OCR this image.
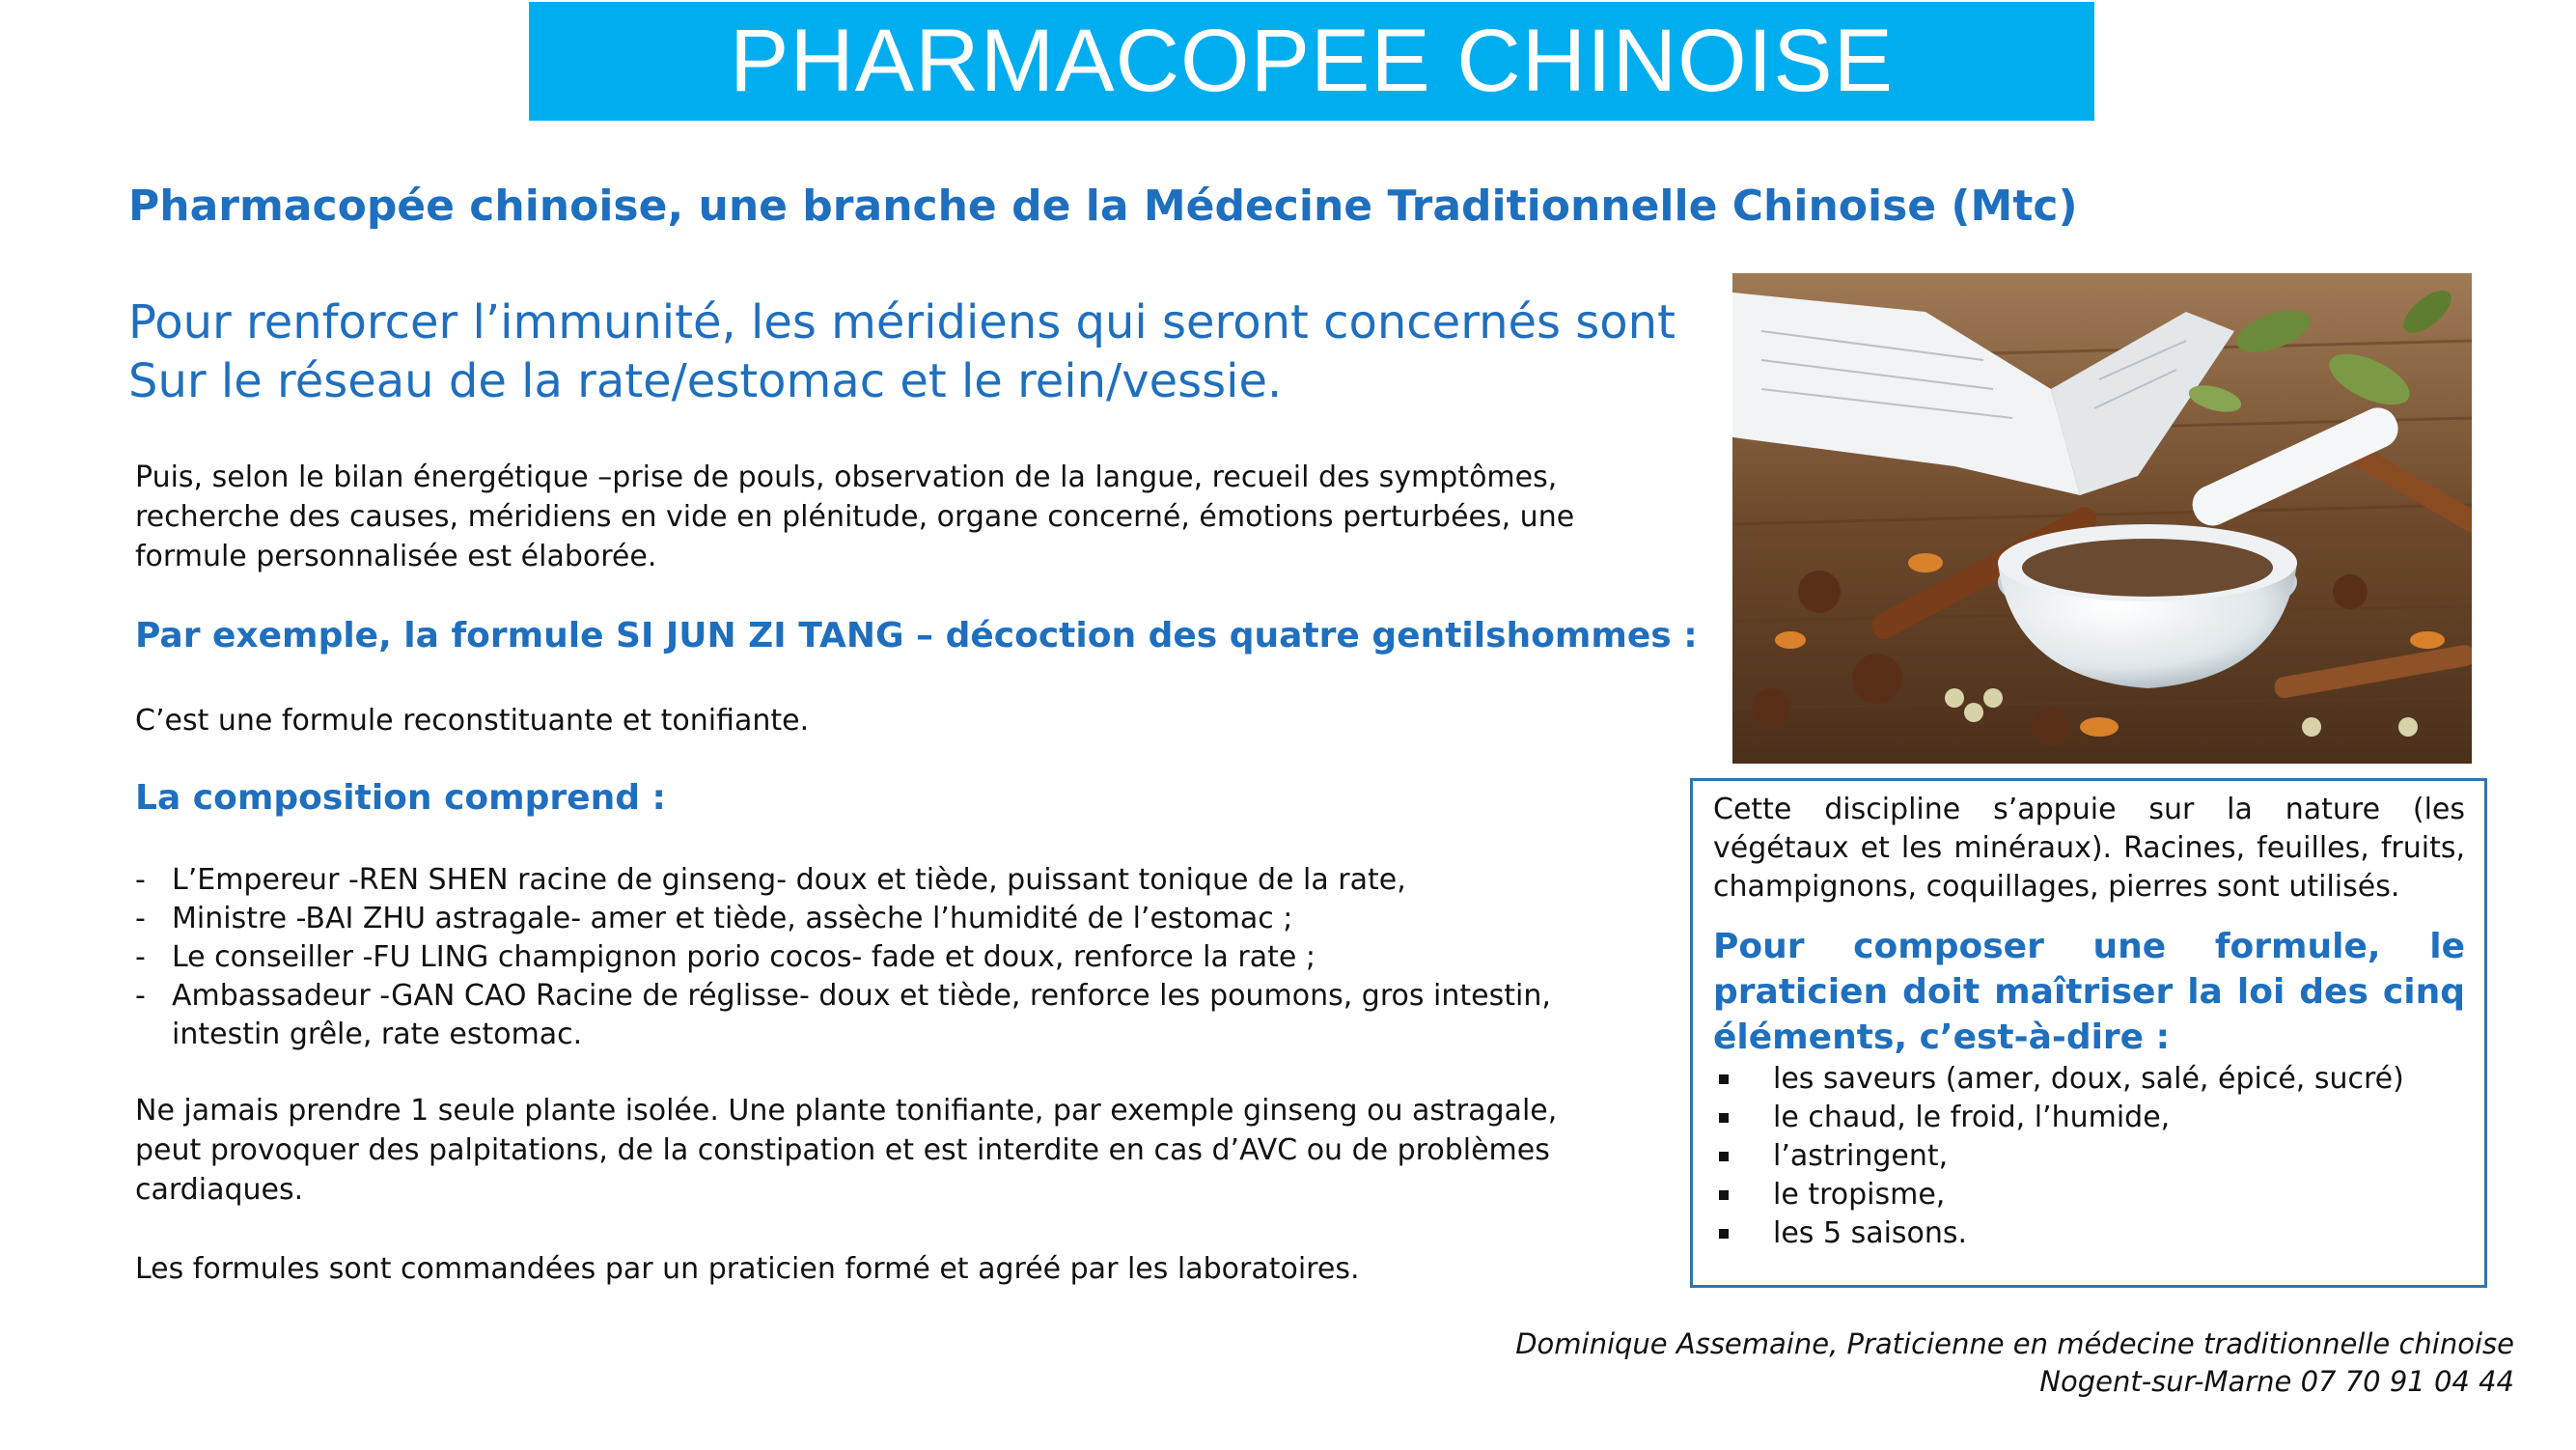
PHARMACOPEE CHINOISE
Pharmacopée chinoise, une branche de la Médecine Traditionnelle Chinoise (Mtc)
Pour renforcer l’immunité, les méridiens qui seront concernés sont
Sur le réseau de la rate/estomac et le rein/vessie.
Puis, selon le bilan énergétique –prise de pouls, observation de la langue, recueil des symptômes, recherche des causes, méridiens en vide en plénitude, organe concerné, émotions perturbées, une formule personnalisée est élaborée.
Par exemple, la formule SI JUN ZI TANG – décoction des quatre gentilshommes :
C’est une formule reconstituante et tonifiante.
La composition comprend :
- L’Empereur -REN SHEN racine de ginseng- doux et tiède, puissant tonique de la rate,
- Ministre -BAI ZHU astragale- amer et tiède, assèche l’humidité de l’estomac ;
- Le conseiller -FU LING champignon porio cocos- fade et doux, renforce la rate ;
- Ambassadeur -GAN CAO Racine de réglisse- doux et tiède, renforce les poumons, gros intestin, intestin grêle, rate estomac.
Ne jamais prendre 1 seule plante isolée. Une plante tonifiante, par exemple ginseng ou astragale, peut provoquer des palpitations, de la constipation et est interdite en cas d’AVC ou de problèmes cardiaques.
Les formules sont commandées par un praticien formé et agréé par les laboratoires.
Cette discipline s’appuie sur la nature (les végétaux et les minéraux). Racines, feuilles, fruits, champignons, coquillages, pierres sont utilisés.
Pour composer une formule, le praticien doit maîtriser la loi des cinq éléments, c’est-à-dire :
les saveurs (amer, doux, salé, épicé, sucré)
le chaud, le froid, l’humide,
l’astringent,
le tropisme,
les 5 saisons.
Dominique Assemaine, Praticienne en médecine traditionnelle chinoise
Nogent-sur-Marne 07 70 91 04 44
